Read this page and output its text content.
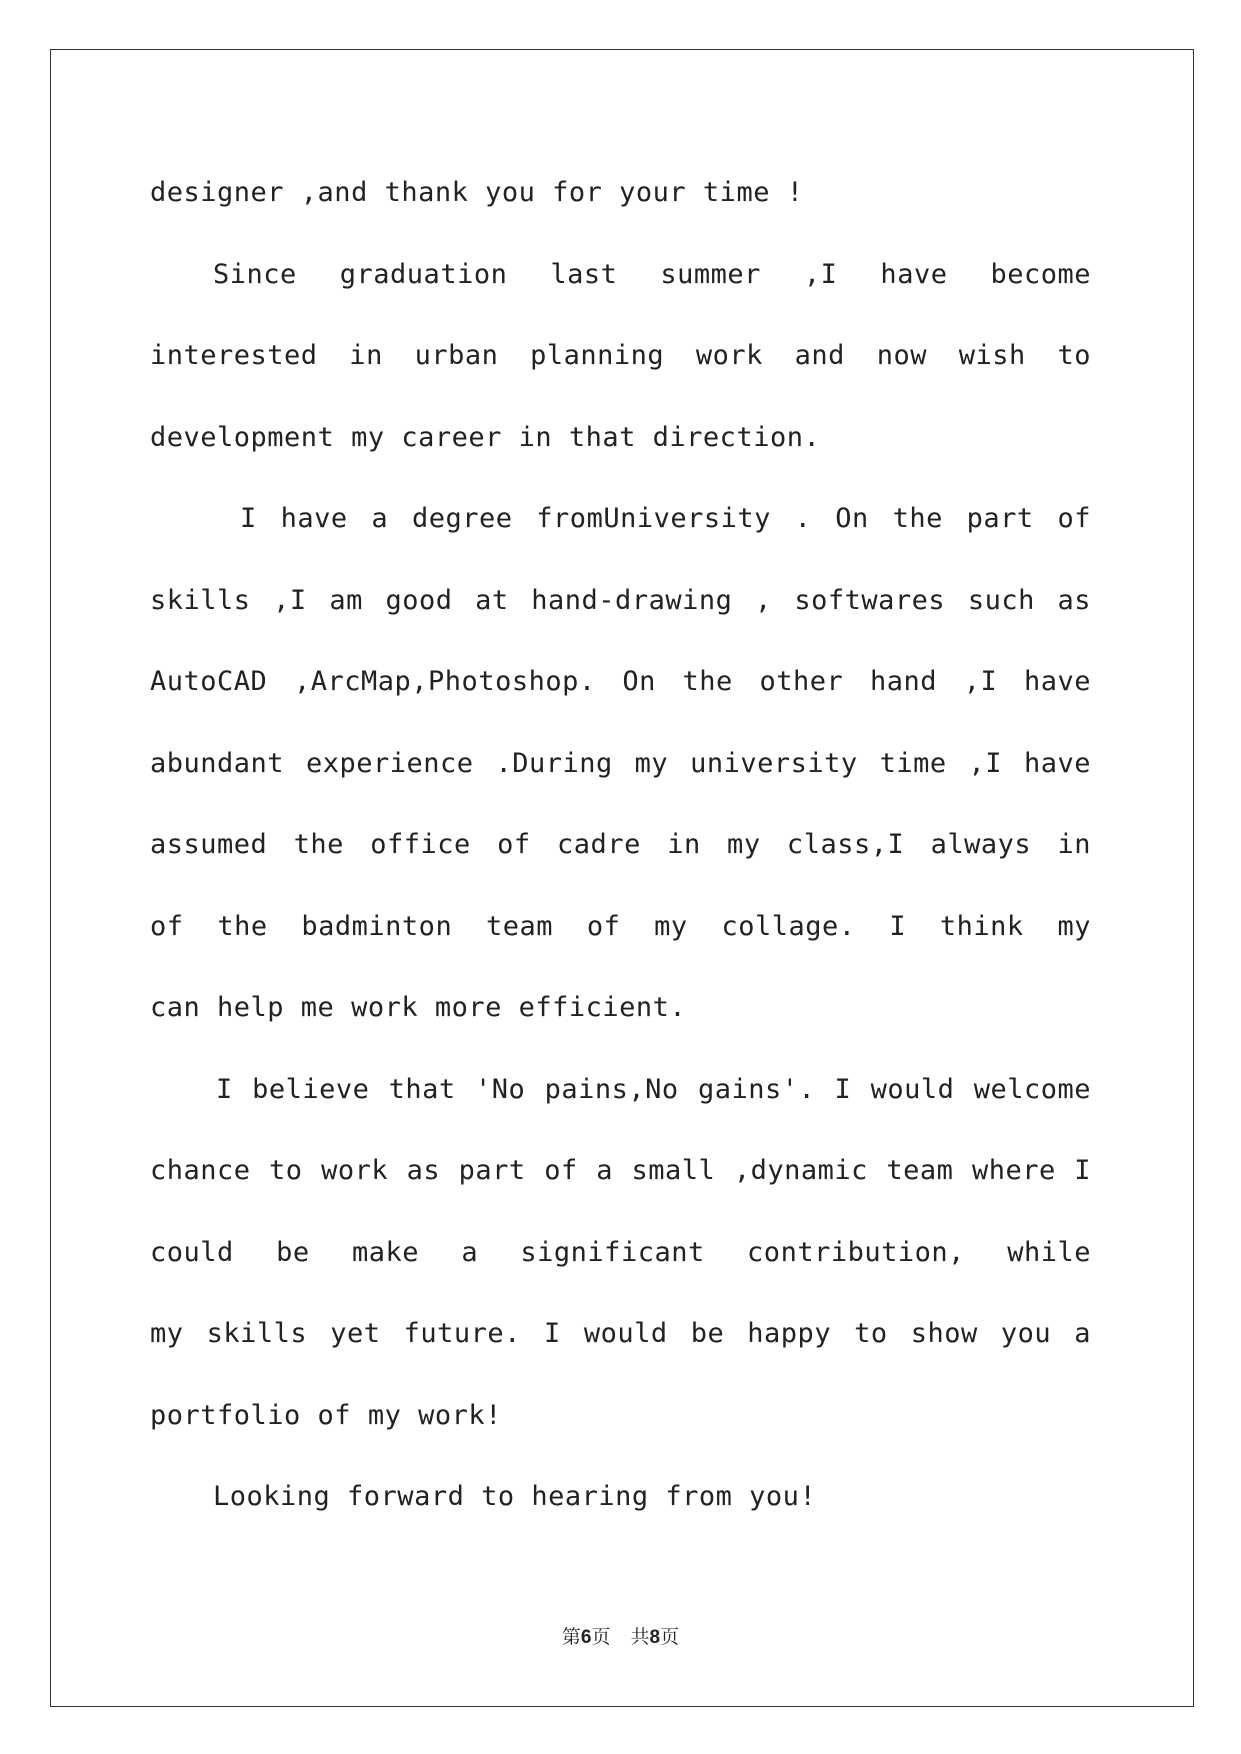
designer ,and thank you for your time !
Since graduation last summer ,I have become
interested in urban planning work and now wish to
development my career in that direction.
I have a degree fromUniversity . On the part of
skills ,I am good at hand-drawing , softwares such as
AutoCAD ,ArcMap,Photoshop. On the other hand ,I have
abundant experience .During my university time ,I have
assumed the office of cadre in my class,I always in
of the badminton team of my collage. I think my
can help me work more efficient.
I believe that 'No pains,No gains'. I would welcome
chance to work as part of a small ,dynamic team where I
could be make a significant contribution, while
my skills yet future. I would be happy to show you a
portfolio of my work!
Looking forward to hearing from you!
第6页 共8页
